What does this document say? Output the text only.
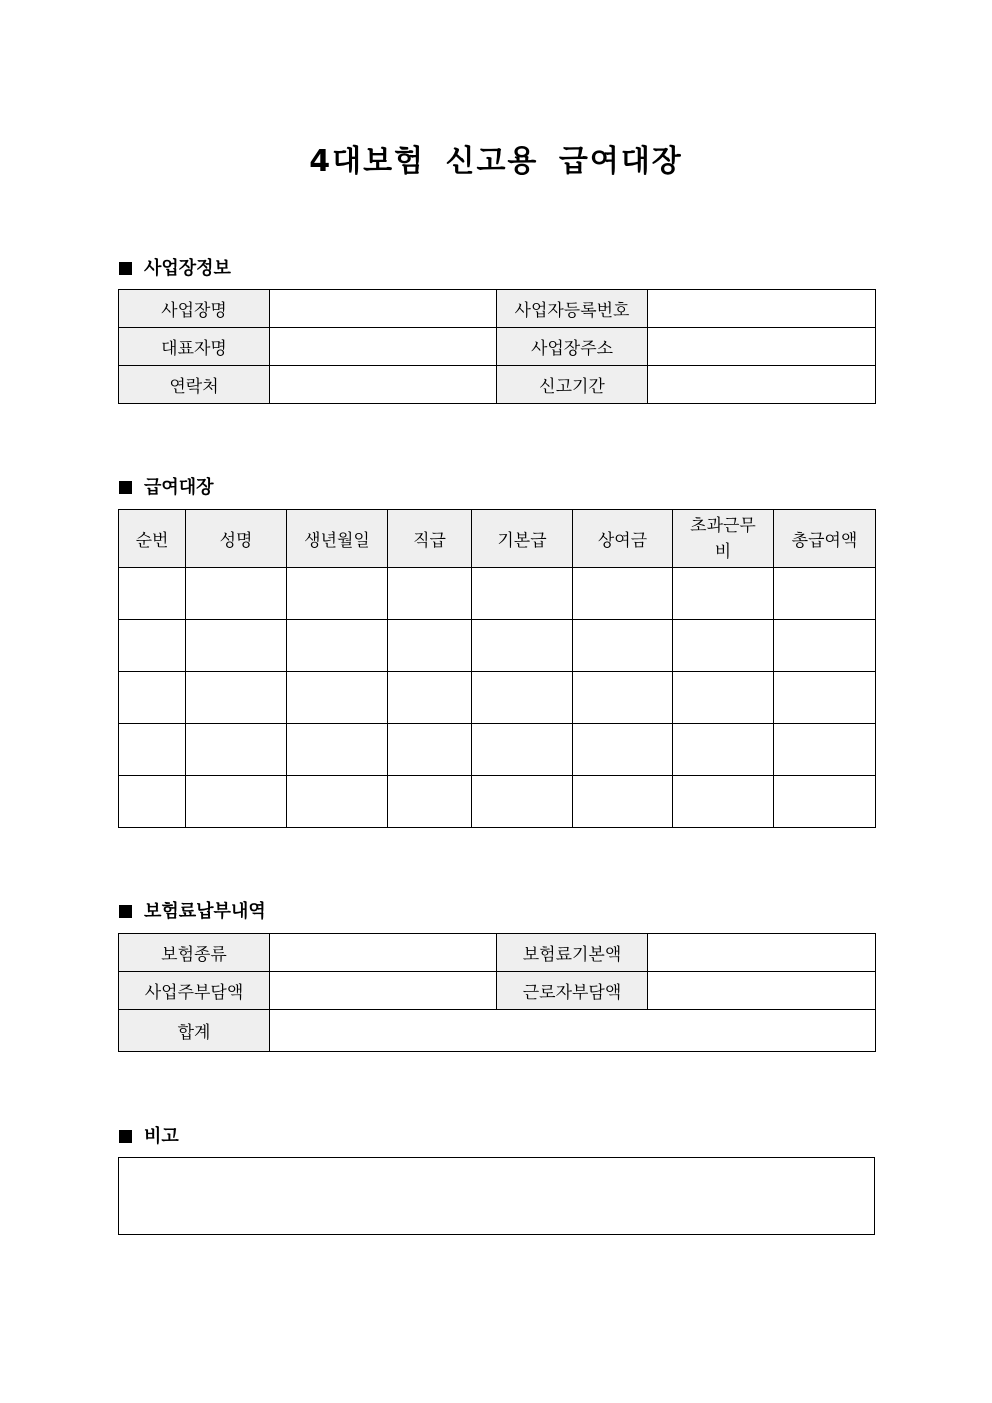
4대보험 신고용 급여대장
사업장정보
사업장명		사업자등록번호	
대표자명		사업장주소	
연락처		신고기간	
급여대장
순번	성명	생년월일	직급	기본급	상여금	초과근무비	총급여액

보험료납부내역
보험종류		보험료기본액	
사업주부담액		근로자부담액	
합계			
비고
